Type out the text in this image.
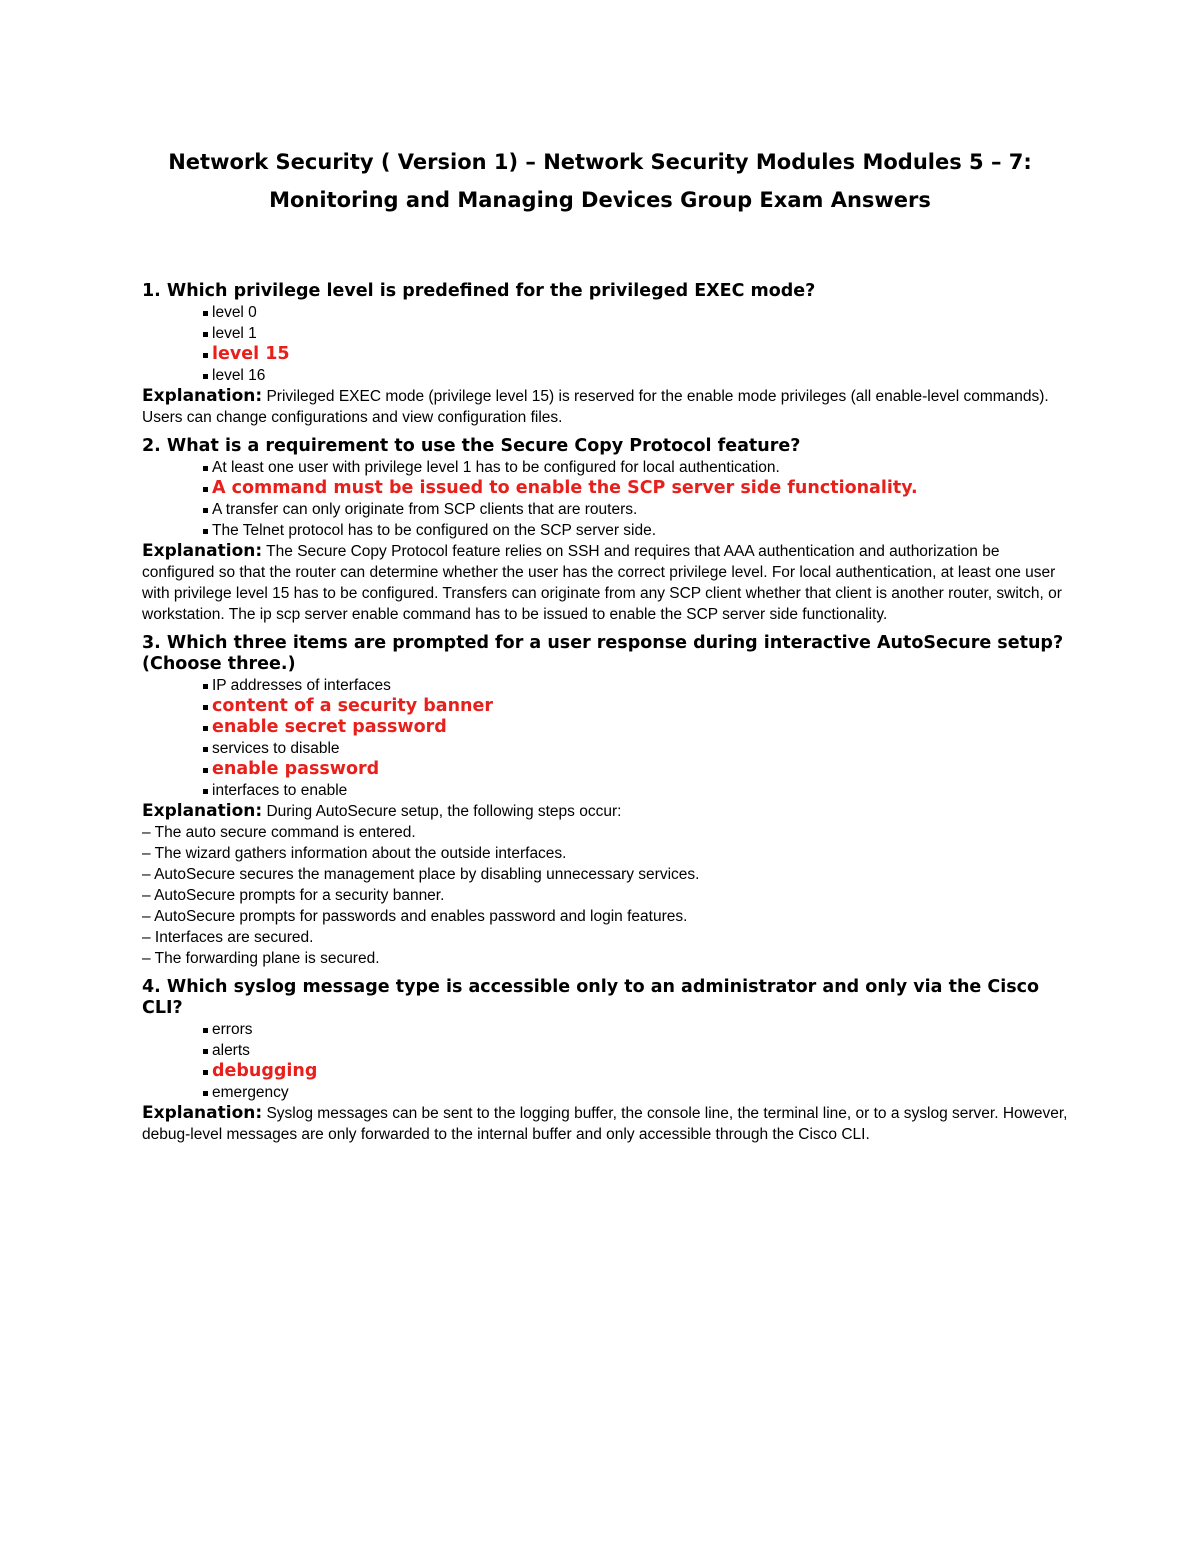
Network Security ( Version 1) – Network Security Modules Modules 5 – 7:
Monitoring and Managing Devices Group Exam Answers

1. Which privilege level is predefined for the privileged EXEC mode?

level 0
level 1
level 15
level 16

Explanation: Privileged EXEC mode (privilege level 15) is reserved for the enable mode privileges (all enable-level commands). Users can change configurations and view configuration files.

2. What is a requirement to use the Secure Copy Protocol feature?

At least one user with privilege level 1 has to be configured for local authentication.
A command must be issued to enable the SCP server side functionality.
A transfer can only originate from SCP clients that are routers.
The Telnet protocol has to be configured on the SCP server side.

Explanation: The Secure Copy Protocol feature relies on SSH and requires that AAA authentication and authorization be configured so that the router can determine whether the user has the correct privilege level. For local authentication, at least one user with privilege level 15 has to be configured. Transfers can originate from any SCP client whether that client is another router, switch, or workstation. The ip scp server enable command has to be issued to enable the SCP server side functionality.

3. Which three items are prompted for a user response during interactive AutoSecure setup? (Choose three.)

IP addresses of interfaces
content of a security banner
enable secret password
services to disable
enable password
interfaces to enable

Explanation: During AutoSecure setup, the following steps occur:

– The auto secure command is entered.
– The wizard gathers information about the outside interfaces.
– AutoSecure secures the management place by disabling unnecessary services.
– AutoSecure prompts for a security banner.
– AutoSecure prompts for passwords and enables password and login features.
– Interfaces are secured.
– The forwarding plane is secured.

4. Which syslog message type is accessible only to an administrator and only via the Cisco CLI?

errors
alerts
debugging
emergency

Explanation: Syslog messages can be sent to the logging buffer, the console line, the terminal line, or to a syslog server. However, debug-level messages are only forwarded to the internal buffer and only accessible through the Cisco CLI.
